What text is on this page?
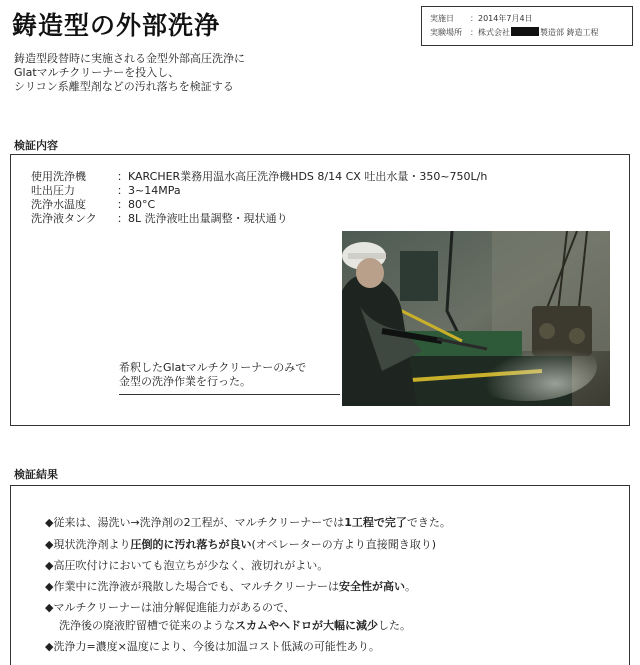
鋳造型の外部洗浄	実施日 ：2014年7月4日
実験場所 ：株式会社	製造部 鋳造工程
鋳造型段替時に実施される金型外部高圧洗浄に
Glatマルチクリーナーを投入し、
シリコン系離型剤などの汚れ落ちを検証する
検証内容
使用洗浄機	：KARCHER業務用温水高圧洗浄機HDS 8/14 CX 吐出水量・350~750L/h
吐出圧力	：3~14MPa
洗浄水温度	：80°C
洗浄液タンク ：8L 洗浄液吐出量調整・現状通り
希釈したGlatマルチクリーナーのみで
金型の洗浄作業を行った。
検証結果
◆従来は、湯洗い→洗浄剤の2工程が、マルチクリーナーでは1工程で完了できた。
◆現状洗浄剤より圧倒的に汚れ落ちが良い(オペレーターの方より直接聞き取り)
◆高圧吹付けにおいても泡立ちが少なく、液切れがよい。
◆作業中に洗浄液が飛散した場合でも、マルチクリーナーは安全性が高い。
◆マルチクリーナーは油分解促進能力があるので、
洗浄後の廃液貯留槽で従来のようなスカムやヘドロが大幅に減少した。
◆洗浄力=濃度×温度により、今後は加温コスト低減の可能性あり。
